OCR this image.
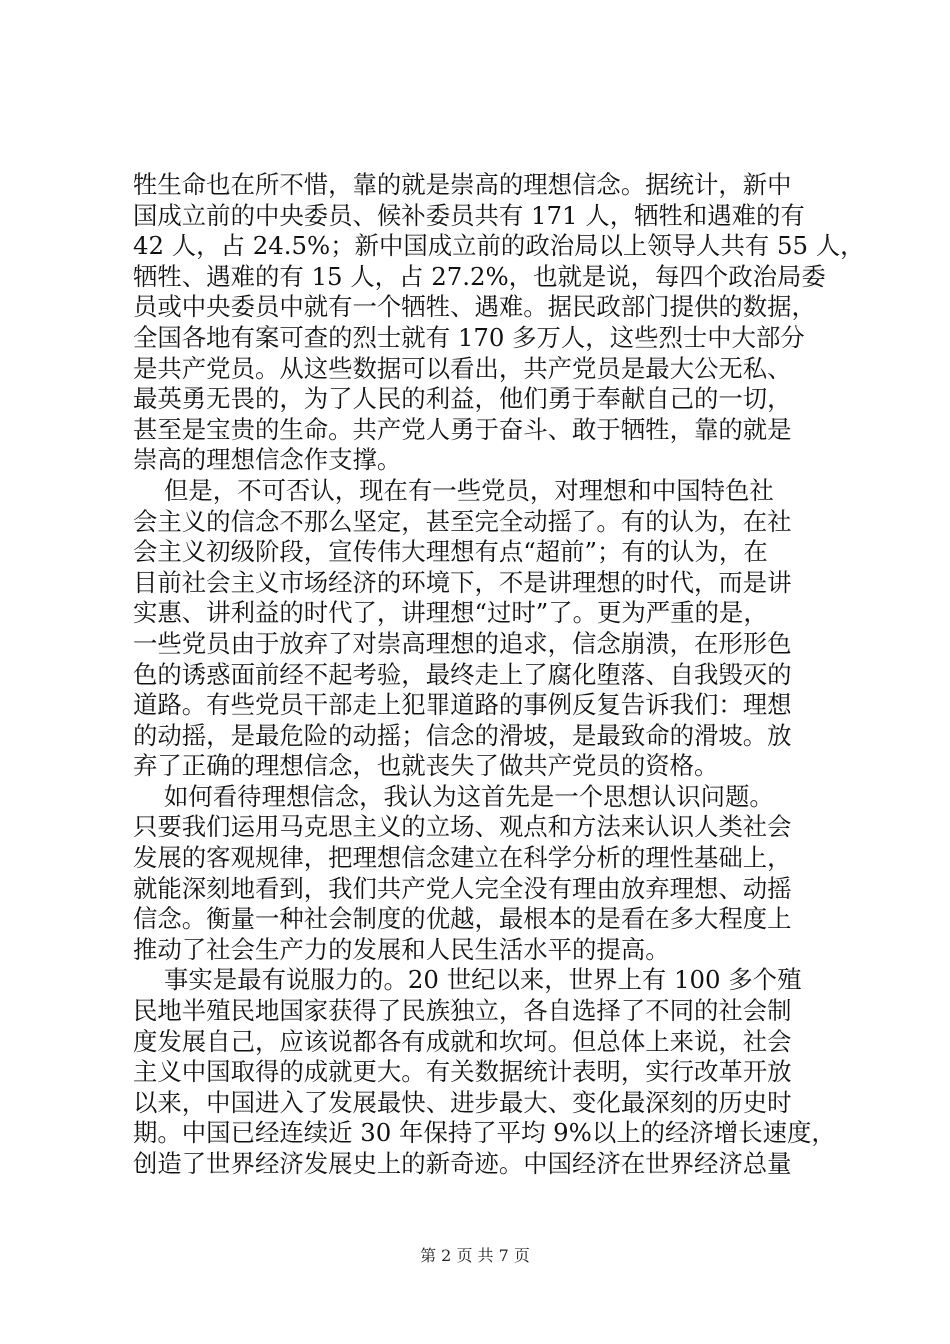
牲生命也在所不惜，靠的就是崇高的理想信念。据统计，新中
国成立前的中央委员、候补委员共有 171 人，牺牲和遇难的有
42 人，占 24.5%；新中国成立前的政治局以上领导人共有 55 人，
牺牲、遇难的有 15 人，占 27.2%，也就是说，每四个政治局委
员或中央委员中就有一个牺牲、遇难。据民政部门提供的数据，
全国各地有案可查的烈士就有 170 多万人，这些烈士中大部分
是共产党员。从这些数据可以看出，共产党员是最大公无私、
最英勇无畏的，为了人民的利益，他们勇于奉献自己的一切，
甚至是宝贵的生命。共产党人勇于奋斗、敢于牺牲，靠的就是
崇高的理想信念作支撑。
但是，不可否认，现在有一些党员，对理想和中国特色社
会主义的信念不那么坚定，甚至完全动摇了。有的认为，在社
会主义初级阶段，宣传伟大理想有点“超前”；有的认为，在
目前社会主义市场经济的环境下，不是讲理想的时代，而是讲
实惠、讲利益的时代了，讲理想“过时”了。更为严重的是，
一些党员由于放弃了对崇高理想的追求，信念崩溃，在形形色
色的诱惑面前经不起考验，最终走上了腐化堕落、自我毁灭的
道路。有些党员干部走上犯罪道路的事例反复告诉我们：理想
的动摇，是最危险的动摇；信念的滑坡，是最致命的滑坡。放
弃了正确的理想信念，也就丧失了做共产党员的资格。
如何看待理想信念，我认为这首先是一个思想认识问题。
只要我们运用马克思主义的立场、观点和方法来认识人类社会
发展的客观规律，把理想信念建立在科学分析的理性基础上，
就能深刻地看到，我们共产党人完全没有理由放弃理想、动摇
信念。衡量一种社会制度的优越，最根本的是看在多大程度上
推动了社会生产力的发展和人民生活水平的提高。
事实是最有说服力的。20 世纪以来，世界上有 100 多个殖
民地半殖民地国家获得了民族独立，各自选择了不同的社会制
度发展自己，应该说都各有成就和坎坷。但总体上来说，社会
主义中国取得的成就更大。有关数据统计表明，实行改革开放
以来，中国进入了发展最快、进步最大、变化最深刻的历史时
期。中国已经连续近 30 年保持了平均 9%以上的经济增长速度，
创造了世界经济发展史上的新奇迹。中国经济在世界经济总量
第 2 页 共 7 页
